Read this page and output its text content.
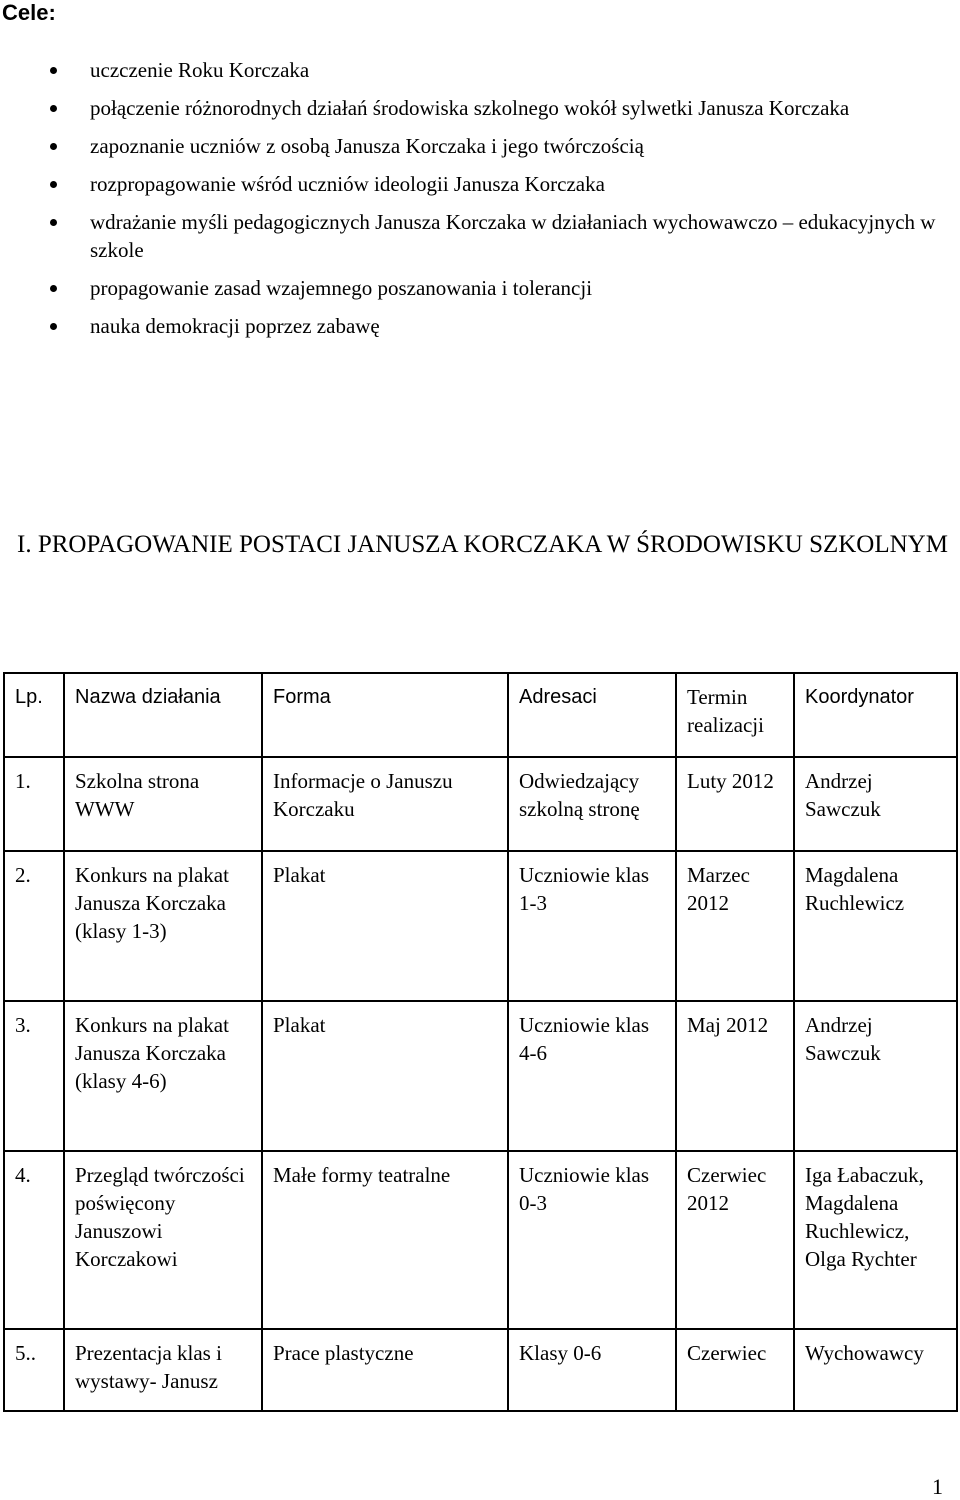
Cele:
uczczenie Roku Korczaka
połączenie różnorodnych działań środowiska szkolnego wokół sylwetki Janusza Korczaka
zapoznanie uczniów z osobą Janusza Korczaka i jego twórczością
rozpropagowanie wśród uczniów ideologii Janusza Korczaka
wdrażanie myśli pedagogicznych Janusza Korczaka w działaniach wychowawczo – edukacyjnych w szkole
propagowanie zasad wzajemnego poszanowania i tolerancji
nauka demokracji poprzez zabawę
I. PROPAGOWANIE POSTACI JANUSZA KORCZAKA W ŚRODOWISKU SZKOLNYM
Lp.	Nazwa działania	Forma	Adresaci	Termin realizacji	Koordynator
1.	Szkolna strona WWW	Informacje o Januszu Korczaku	Odwiedzający szkolną stronę	Luty 2012	Andrzej Sawczuk
2.	Konkurs na plakat Janusza Korczaka (klasy 1-3)	Plakat	Uczniowie klas 1-3	Marzec 2012	Magdalena Ruchlewicz
3.	Konkurs na plakat Janusza Korczaka (klasy 4-6)	Plakat	Uczniowie klas 4-6	Maj 2012	Andrzej Sawczuk
4.	Przegląd twórczości poświęcony Januszowi Korczakowi	Małe formy teatralne	Uczniowie klas 0-3	Czerwiec 2012	Iga Łabaczuk, Magdalena Ruchlewicz, Olga Rychter
5..	Prezentacja klas i wystawy- Janusz	Prace plastyczne	Klasy 0-6	Czerwiec	Wychowawcy
1
